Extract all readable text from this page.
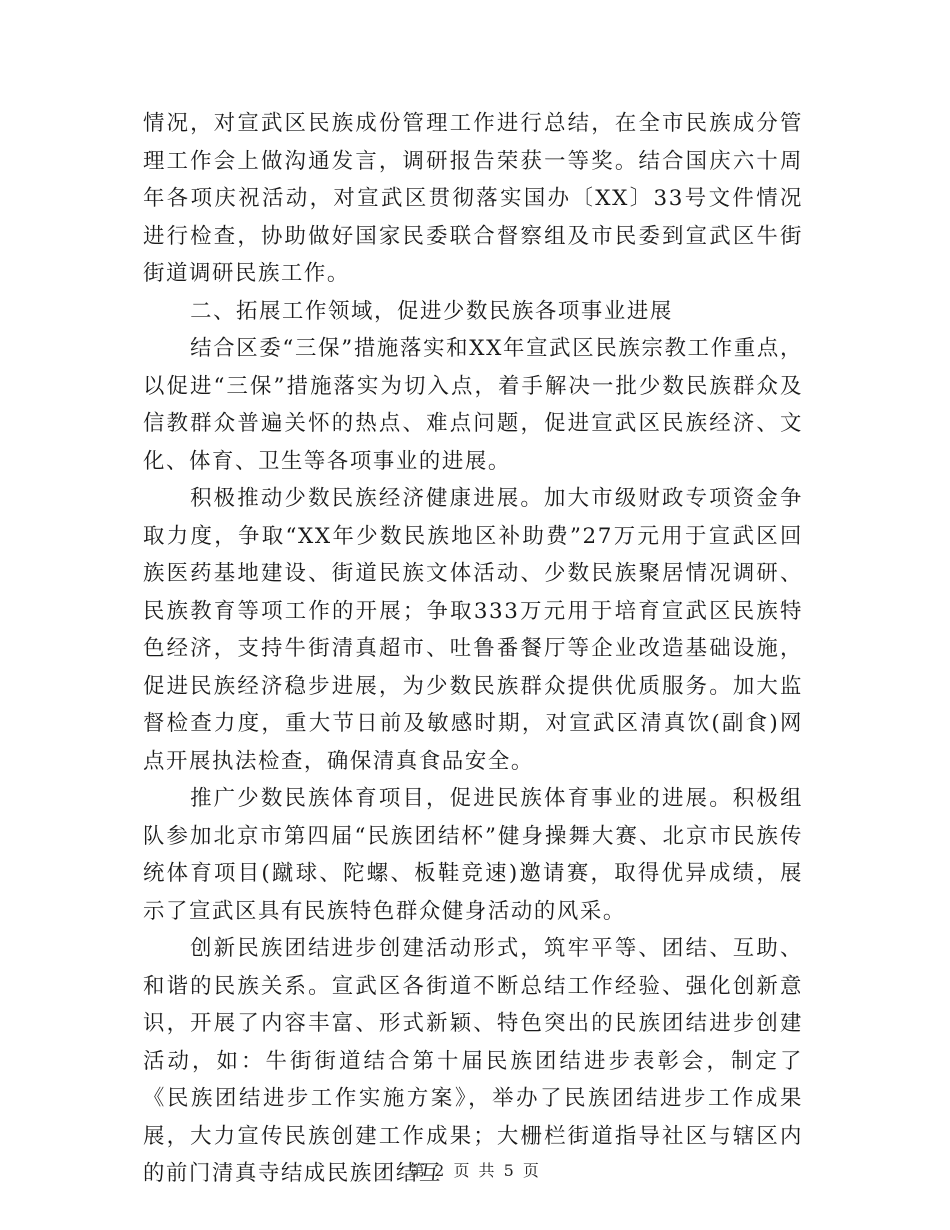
情况，对宣武区民族成份管理工作进行总结，在全市民族成分管理工作会上做沟通发言，调研报告荣获一等奖。结合国庆六十周年各项庆祝活动，对宣武区贯彻落实国办〔XX〕33号文件情况进行检查，协助做好国家民委联合督察组及市民委到宣武区牛街街道调研民族工作。

二、拓展工作领域，促进少数民族各项事业进展

结合区委“三保”措施落实和XX年宣武区民族宗教工作重点，以促进“三保”措施落实为切入点，着手解决一批少数民族群众及信教群众普遍关怀的热点、难点问题，促进宣武区民族经济、文化、体育、卫生等各项事业的进展。

积极推动少数民族经济健康进展。加大市级财政专项资金争取力度，争取“XX年少数民族地区补助费”27万元用于宣武区回族医药基地建设、街道民族文体活动、少数民族聚居情况调研、民族教育等项工作的开展；争取333万元用于培育宣武区民族特色经济，支持牛街清真超市、吐鲁番餐厅等企业改造基础设施，促进民族经济稳步进展，为少数民族群众提供优质服务。加大监督检查力度，重大节日前及敏感时期，对宣武区清真饮(副食)网点开展执法检查，确保清真食品安全。

推广少数民族体育项目，促进民族体育事业的进展。积极组队参加北京市第四届“民族团结杯”健身操舞大赛、北京市民族传统体育项目(蹴球、陀螺、板鞋竞速)邀请赛，取得优异成绩，展示了宣武区具有民族特色群众健身活动的风采。

创新民族团结进步创建活动形式，筑牢平等、团结、互助、和谐的民族关系。宣武区各街道不断总结工作经验、强化创新意识，开展了内容丰富、形式新颖、特色突出的民族团结进步创建活动，如：牛街街道结合第十届民族团结进步表彰会，制定了《民族团结进步工作实施方案》，举办了民族团结进步工作成果展，大力宣传民族创建工作成果；大栅栏街道指导社区与辖区内的前门清真寺结成民族团结互

第 2 页 共 5 页
